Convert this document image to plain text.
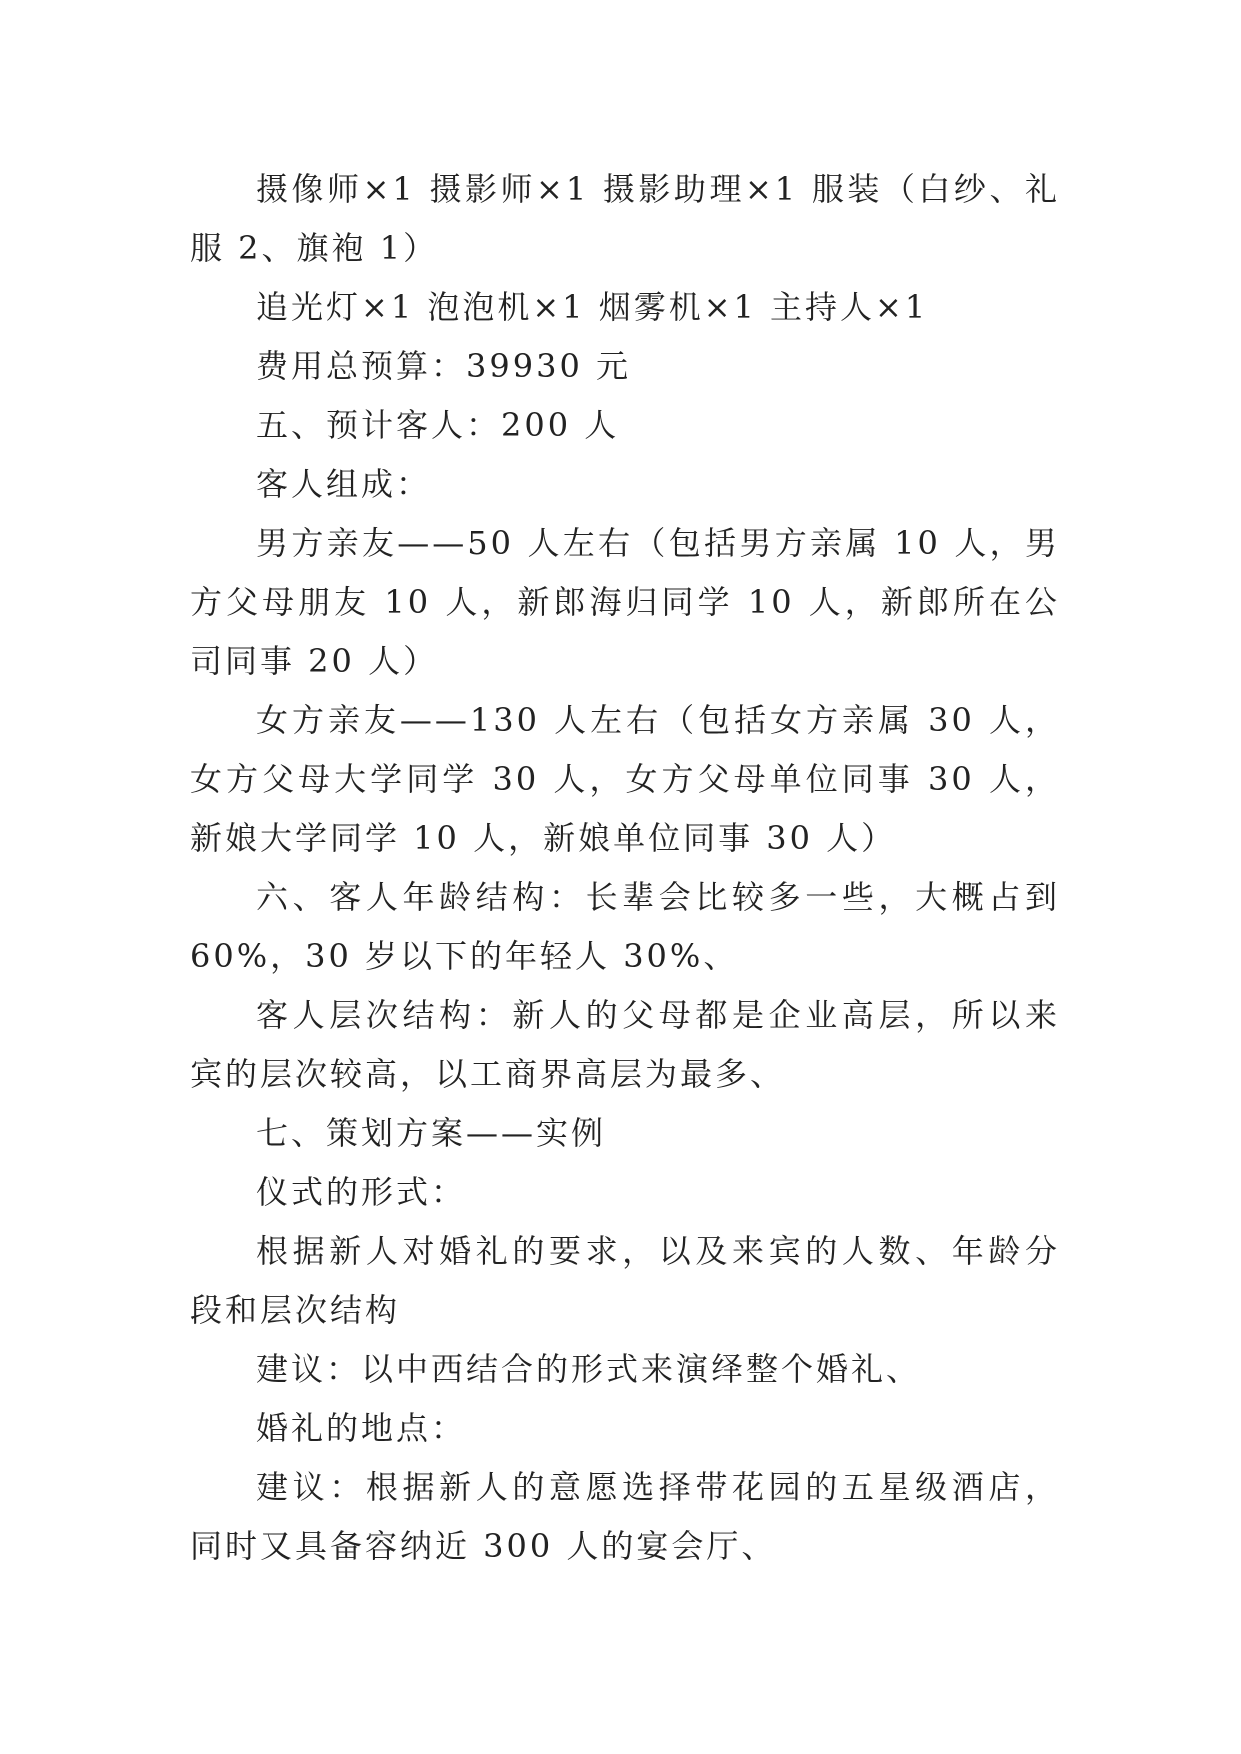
摄像师×1 摄影师×1 摄影助理×1 服装（白纱、礼服 2、旗袍 1）

追光灯×1 泡泡机×1 烟雾机×1 主持人×1

费用总预算：39930 元

五、预计客人：200 人

客人组成：

男方亲友——50 人左右（包括男方亲属 10 人，男方父母朋友 10 人，新郎海归同学 10 人，新郎所在公司同事 20 人）

女方亲友——130 人左右（包括女方亲属 30 人，女方父母大学同学 30 人，女方父母单位同事 30 人，新娘大学同学 10 人，新娘单位同事 30 人）

六、客人年龄结构：长辈会比较多一些，大概占到 60%，30 岁以下的年轻人 30%、

客人层次结构：新人的父母都是企业高层，所以来宾的层次较高，以工商界高层为最多、

七、策划方案——实例

仪式的形式：

根据新人对婚礼的要求，以及来宾的人数、年龄分段和层次结构

建议：以中西结合的形式来演绎整个婚礼、

婚礼的地点：

建议：根据新人的意愿选择带花园的五星级酒店，同时又具备容纳近 300 人的宴会厅、
